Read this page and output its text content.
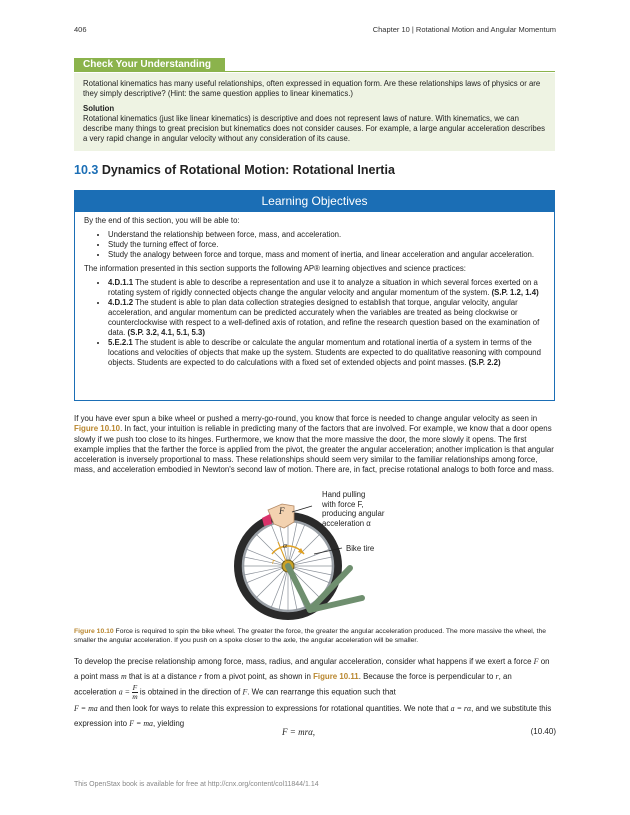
406	Chapter 10 | Rotational Motion and Angular Momentum
Check Your Understanding

Rotational kinematics has many useful relationships, often expressed in equation form. Are these relationships laws of physics or are they simply descriptive? (Hint: the same question applies to linear kinematics.)

Solution

Rotational kinematics (just like linear kinematics) is descriptive and does not represent laws of nature. With kinematics, we can describe many things to great precision but kinematics does not consider causes. For example, a large angular acceleration describes a very rapid change in angular velocity without any consideration of its cause.

10.3 Dynamics of Rotational Motion: Rotational Inertia
Learning Objectives

By the end of this section, you will be able to:

• Understand the relationship between force, mass, and acceleration.
• Study the turning effect of force.
• Study the analogy between force and torque, mass and moment of inertia, and linear acceleration and angular acceleration.

The information presented in this section supports the following AP® learning objectives and science practices:

• 4.D.1.1 The student is able to describe a representation and use it to analyze a situation in which several forces exerted on a rotating system of rigidly connected objects change the angular velocity and angular momentum of the system. (S.P. 1.2, 1.4)
• 4.D.1.2 The student is able to plan data collection strategies designed to establish that torque, angular velocity, angular acceleration, and angular momentum can be predicted accurately when the variables are treated as being clockwise or counterclockwise with respect to a well-defined axis of rotation, and refine the research question based on the examination of data. (S.P. 3.2, 4.1, 5.1, 5.3)
• 5.E.2.1 The student is able to describe or calculate the angular momentum and rotational inertia of a system in terms of the locations and velocities of objects that make up the system. Students are expected to do qualitative reasoning with compound objects. Students are expected to do calculations with a fixed set of extended objects and point masses. (S.P. 2.2)
If you have ever spun a bike wheel or pushed a merry-go-round, you know that force is needed to change angular velocity as seen in Figure 10.10. In fact, your intuition is reliable in predicting many of the factors that are involved. For example, we know that a door opens slowly if we push too close to its hinges. Furthermore, we know that the more massive the door, the more slowly it opens. The first example implies that the farther the force is applied from the pivot, the greater the angular acceleration; another implication is that angular acceleration is inversely proportional to mass. These relationships should seem very similar to the familiar relationships among force, mass, and acceleration embodied in Newton's second law of motion. There are, in fact, precise rotational analogs to both force and mass.
F
α
r
Hand pulling
with force F,
producing angular
acceleration α
Bike tire
Figure 10.10 Force is required to spin the bike wheel. The greater the force, the greater the angular acceleration produced. The more massive the wheel, the smaller the angular acceleration. If you push on a spoke closer to the axle, the angular acceleration will be smaller.
To develop the precise relationship among force, mass, radius, and angular acceleration, consider what happens if we exert a force F on a point mass m that is at a distance r from a pivot point, as shown in Figure 10.11. Because the force is perpendicular to r, an acceleration $a = \frac{F}{m}$ is obtained in the direction of F. We can rearrange this equation such that
F = ma and then look for ways to relate this expression to expressions for rotational quantities. We note that a = rα, and we substitute this expression into F = ma, yielding
F = mrα,	(10.40)
This OpenStax book is available for free at http://cnx.org/content/col11844/1.14
